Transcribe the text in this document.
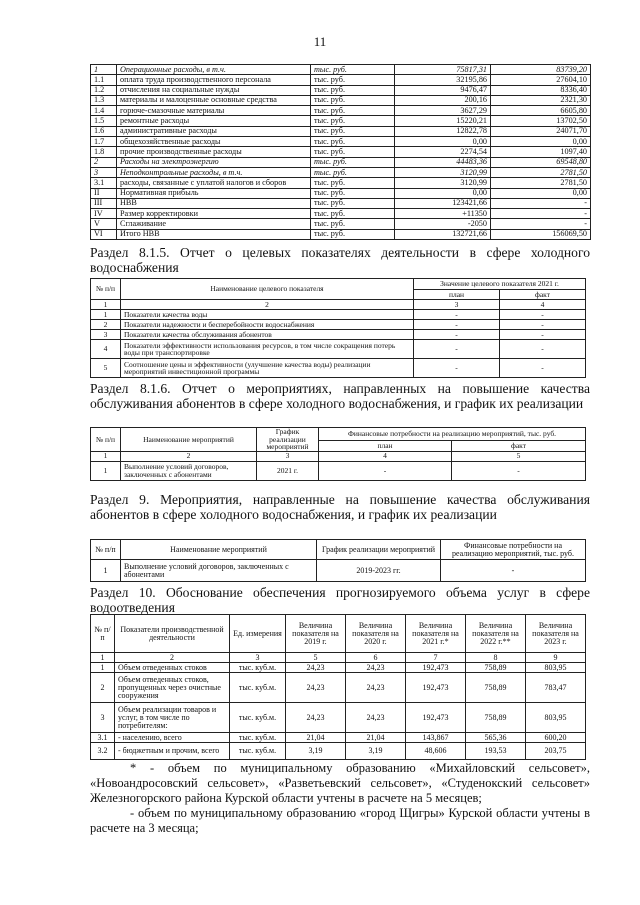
11
1	Операционные расходы, в т.ч.	тыс. руб.	75817,31	83739,20
1.1	оплата труда производственного персонала	тыс. руб.	32195,86	27604,10
1.2	отчисления на социальные нужды	тыс. руб.	9476,47	8336,40
1.3	материалы и малоценные основные средства	тыс. руб.	200,16	2321,30
1.4	горюче-смазочные материалы	тыс. руб.	3627,29	6605,80
1.5	ремонтные расходы	тыс. руб.	15220,21	13702,50
1.6	административные расходы	тыс. руб.	12822,78	24071,70
1.7	общехозяйственные расходы	тыс. руб.	0,00	0,00
1.8	прочие производственные расходы	тыс. руб.	2274,54	1097,40
2	Расходы на электроэнергию	тыс. руб.	44483,36	69548,80
3	Неподконтрольные расходы, в т.ч.	тыс. руб.	3120,99	2781,50
3.1	расходы, связанные с уплатой налогов и сборов	тыс. руб.	3120,99	2781,50
II	Нормативная прибыль	тыс. руб.	0,00	0,00
III	НВВ	тыс. руб.	123421,66	-
IV	Размер корректировки	тыс. руб.	+11350	-
V	Сглаживание	тыс. руб.	-2050	-
VI	Итого НВВ	тыс. руб.	132721,66	156069,50
Раздел 8.1.5. Отчет о целевых показателях деятельности в сфере холодного водоснабжения
№ п/п	Наименование целевого показателя	Значение целевого показателя 2021 г.	
		план	факт
1	2	3	4
1	Показатели качества воды	-	-
2	Показатели надежности и бесперебойности водоснабжения	-	-
3	Показатели качества обслуживания абонентов	-	-
4	Показатели эффективности использования ресурсов, в том числе сокращения потерь воды при транспортировке	-	-
5	Соотношение цены и эффективности (улучшение качества воды) реализации мероприятий инвестиционной программы	-	-
Раздел 8.1.6. Отчет о мероприятиях, направленных на повышение качества обслуживания абонентов в сфере холодного водоснабжения, и график их реализации
№ п/п	Наименование мероприятий	График реализации мероприятий	Финансовые потребности на реализацию мероприятий, тыс. руб.	
			план	факт
1	2	3	4	5
1	Выполнение условий договоров, заключенных с абонентами	2021 г.	-	-
Раздел 9. Мероприятия, направленные на повышение качества обслуживания абонентов в сфере холодного водоснабжения, и график их реализации
№ п/п	Наименование мероприятий	График реализации мероприятий	Финансовые потребности на реализацию мероприятий, тыс. руб.
1	Выполнение условий договоров, заключенных с абонентами	2019-2023 гг.	-
Раздел 10. Обоснование обеспечения прогнозируемого объема услуг в сфере водоотведения
№ п/п	Показатели производственной деятельности	Ед. измерения	Величина показателя на 2019 г.	Величина показателя на 2020 г.	Величина показателя на 2021 г.*	Величина показателя на 2022 г.**	Величина показателя на 2023 г.
1	2	3	5	6	7	8	9
1	Объем отведенных стоков	тыс. куб.м.	24,23	24,23	192,473	758,89	803,95
2	Объем отведенных стоков, пропущенных через очистные сооружения	тыс. куб.м.	24,23	24,23	192,473	758,89	783,47
3	Объем реализации товаров и услуг, в том числе по потребителям:	тыс. куб.м.	24,23	24,23	192,473	758,89	803,95
3.1	- населению, всего	тыс. куб.м.	21,04	21,04	143,867	565,36	600,20
3.2	- бюджетным и прочим, всего	тыс. куб.м.	3,19	3,19	48,606	193,53	203,75
* - объем по муниципальному образованию «Михайловский сельсовет», «Новоандросовский сельсовет», «Разветьевский сельсовет», «Студенокский сельсовет» Железногорского района Курской области учтены в расчете на 5 месяцев;
- объем по муниципальному образованию «город Щигры» Курской области учтены в расчете на 3 месяца;
